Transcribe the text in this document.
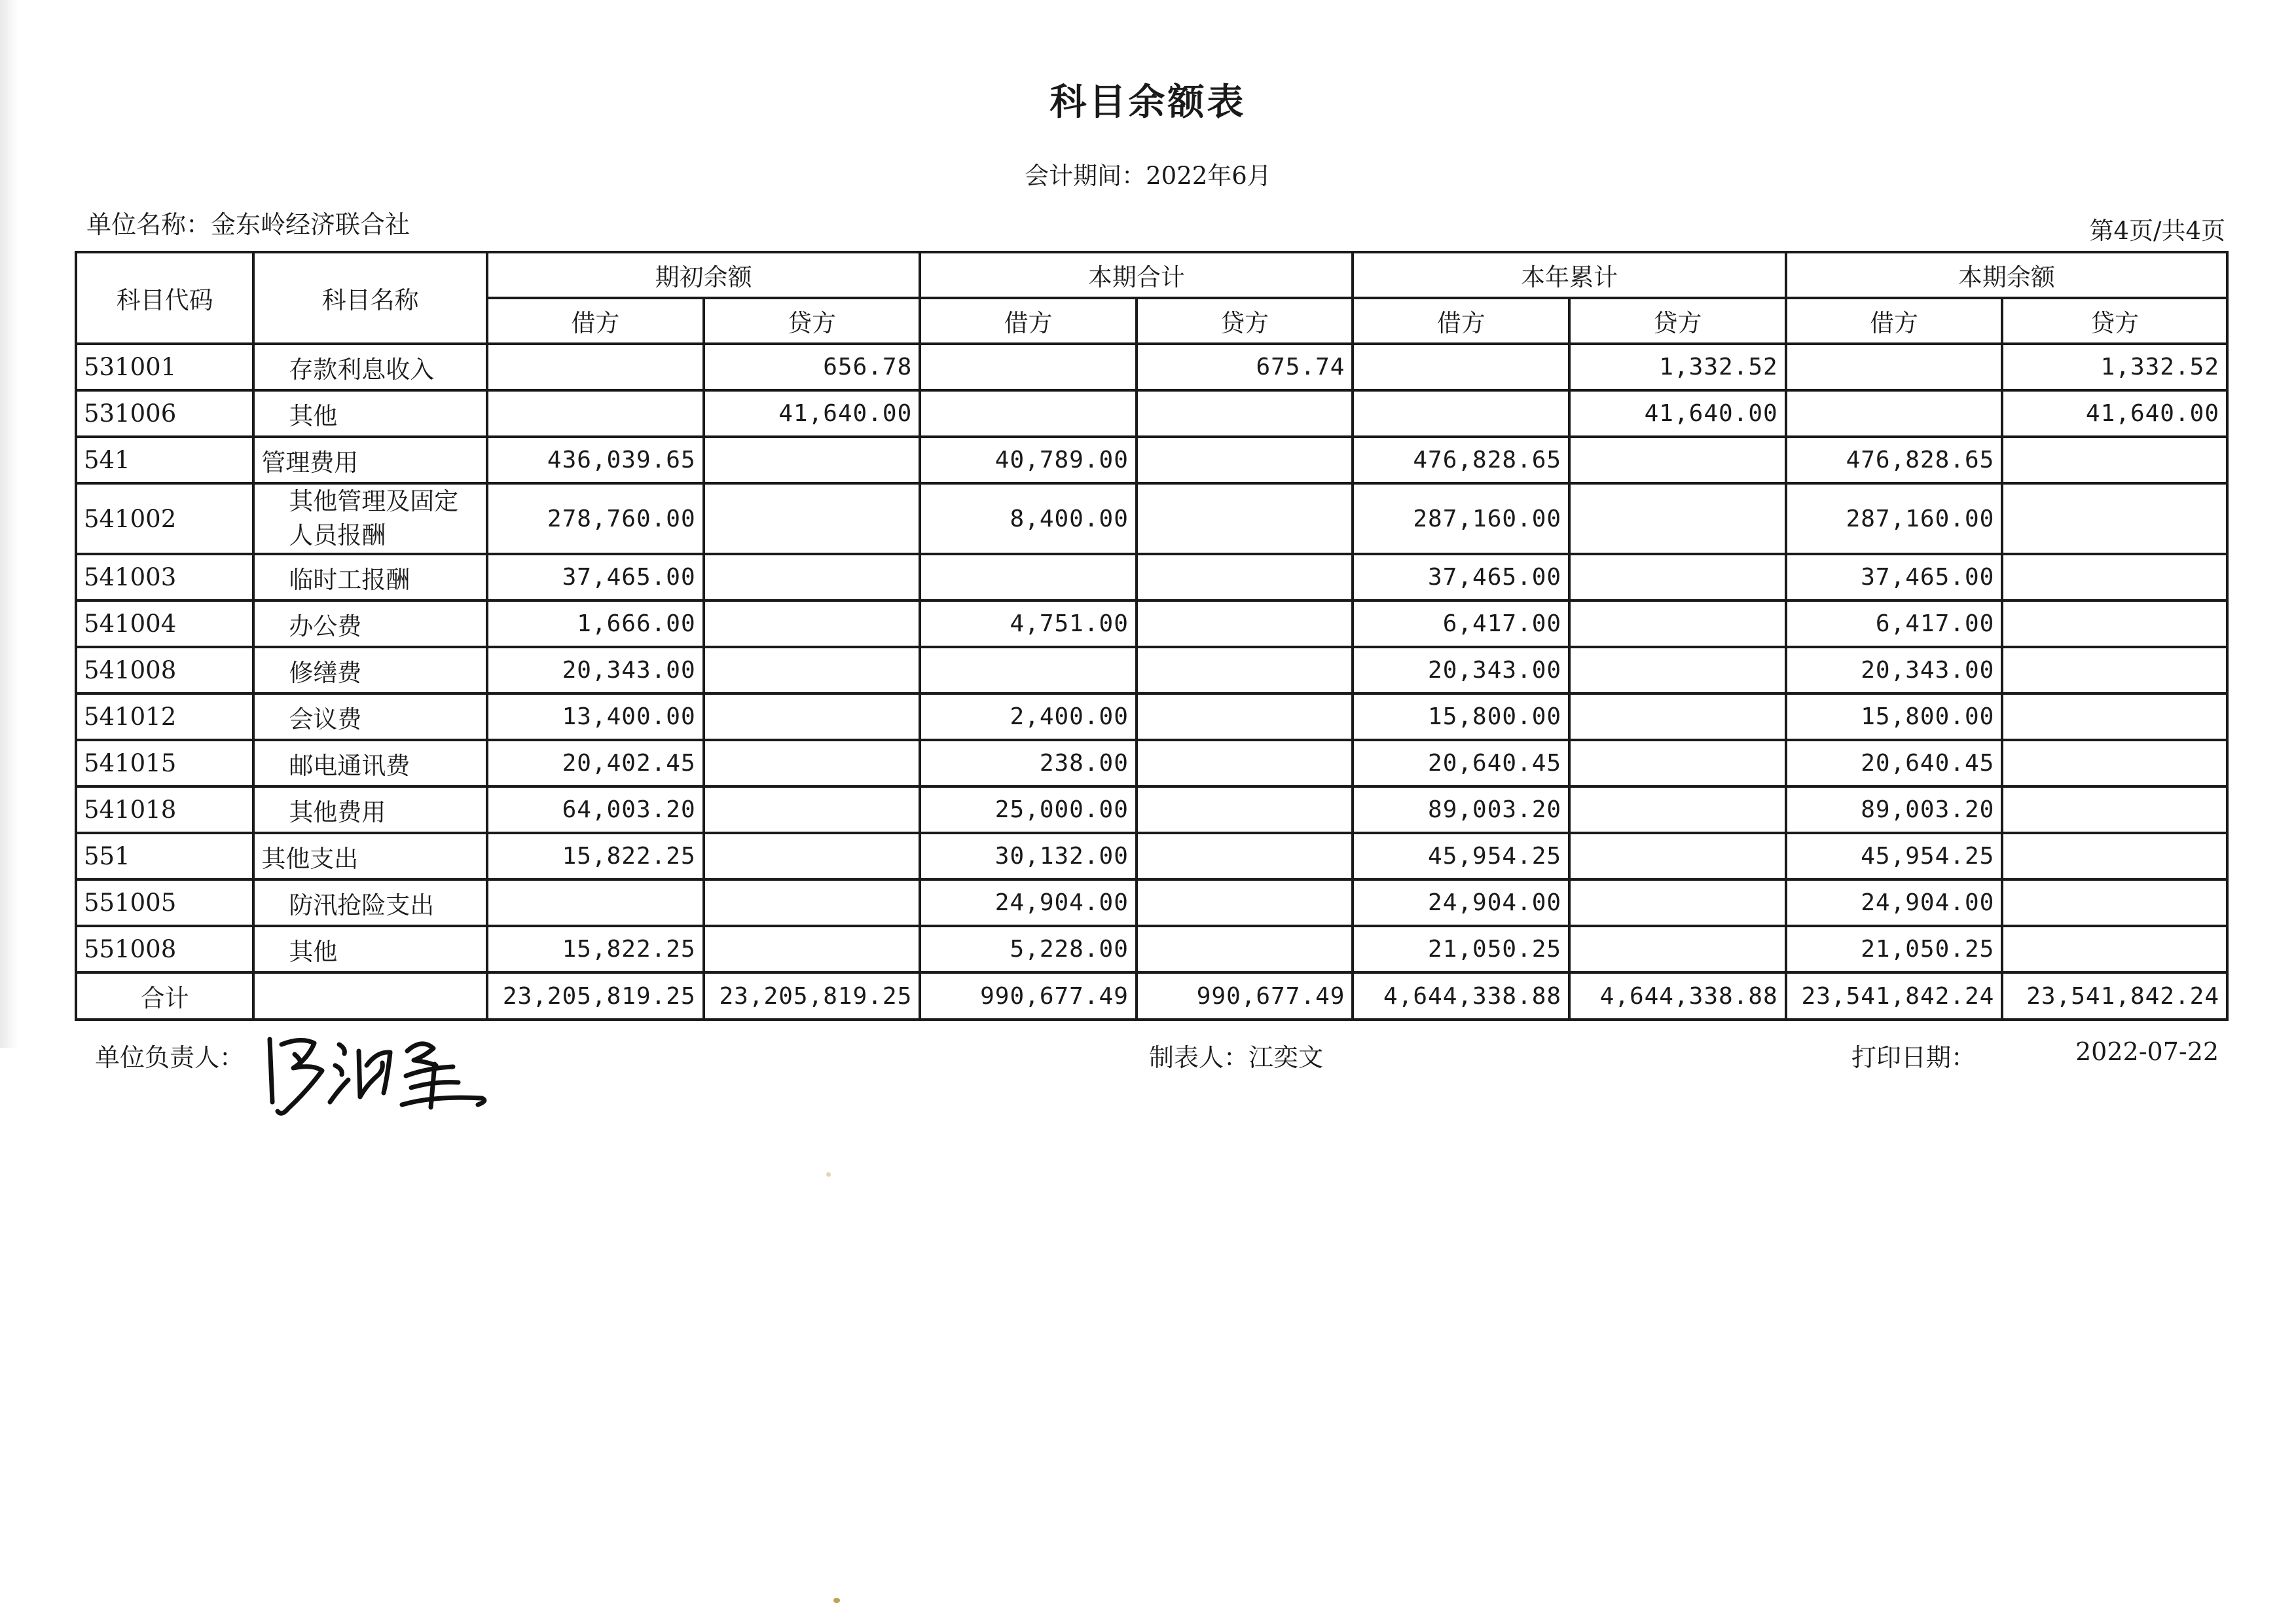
科目余额表
会计期间：2022年6月
单位名称：金东岭经济联合社	第4页/共4页
科目代码	科目名称	期初余额		本期合计		本年累计		本期余额	
		借方	贷方	借方	贷方	借方	贷方	借方	贷方
531001	存款利息收入		656.78		675.74		1,332.52		1,332.52
531006	其他		41,640.00				41,640.00		41,640.00
541	管理费用	436,039.65		40,789.00		476,828.65		476,828.65	
541002	其他管理及固定人员报酬	278,760.00		8,400.00		287,160.00		287,160.00	
541003	临时工报酬	37,465.00				37,465.00		37,465.00	
541004	办公费	1,666.00		4,751.00		6,417.00		6,417.00	
541008	修缮费	20,343.00				20,343.00		20,343.00	
541012	会议费	13,400.00		2,400.00		15,800.00		15,800.00	
541015	邮电通讯费	20,402.45		238.00		20,640.45		20,640.45	
541018	其他费用	64,003.20		25,000.00		89,003.20		89,003.20	
551	其他支出	15,822.25		30,132.00		45,954.25		45,954.25	
551005	防汛抢险支出			24,904.00		24,904.00		24,904.00	
551008	其他	15,822.25		5,228.00		21,050.25		21,050.25	
合计		23,205,819.25	23,205,819.25	990,677.49	990,677.49	4,644,338.88	4,644,338.88	23,541,842.24	23,541,842.24
单位负责人：	制表人：江奕文	打印日期：	2022-07-22
